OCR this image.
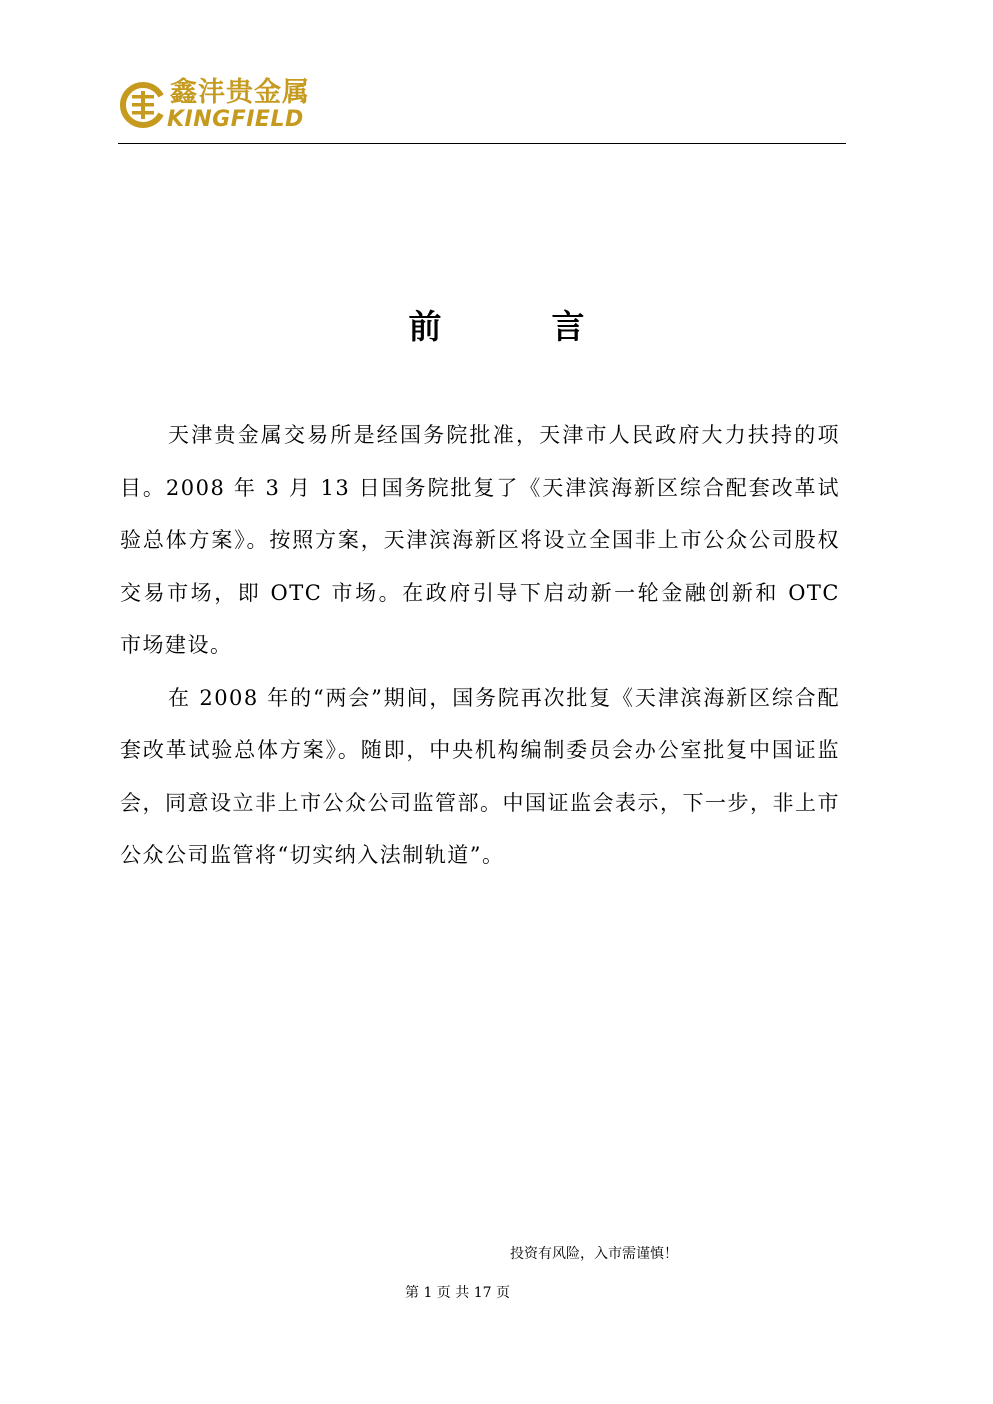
鑫沣贵金属
KINGFIELD
前	言

天津贵金属交易所是经国务院批准，天津市人民政府大力扶持的项目。2008 年 3 月 13 日国务院批复了《天津滨海新区综合配套改革试验总体方案》。按照方案，天津滨海新区将设立全国非上市公众公司股权交易市场，即 OTC 市场。在政府引导下启动新一轮金融创新和 OTC 市场建设。

在 2008 年的“两会”期间，国务院再次批复《天津滨海新区综合配套改革试验总体方案》。随即，中央机构编制委员会办公室批复中国证监会，同意设立非上市公众公司监管部。中国证监会表示，下一步，非上市公众公司监管将“切实纳入法制轨道”。

投资有风险，入市需谨慎！
第 1 页 共 17 页
